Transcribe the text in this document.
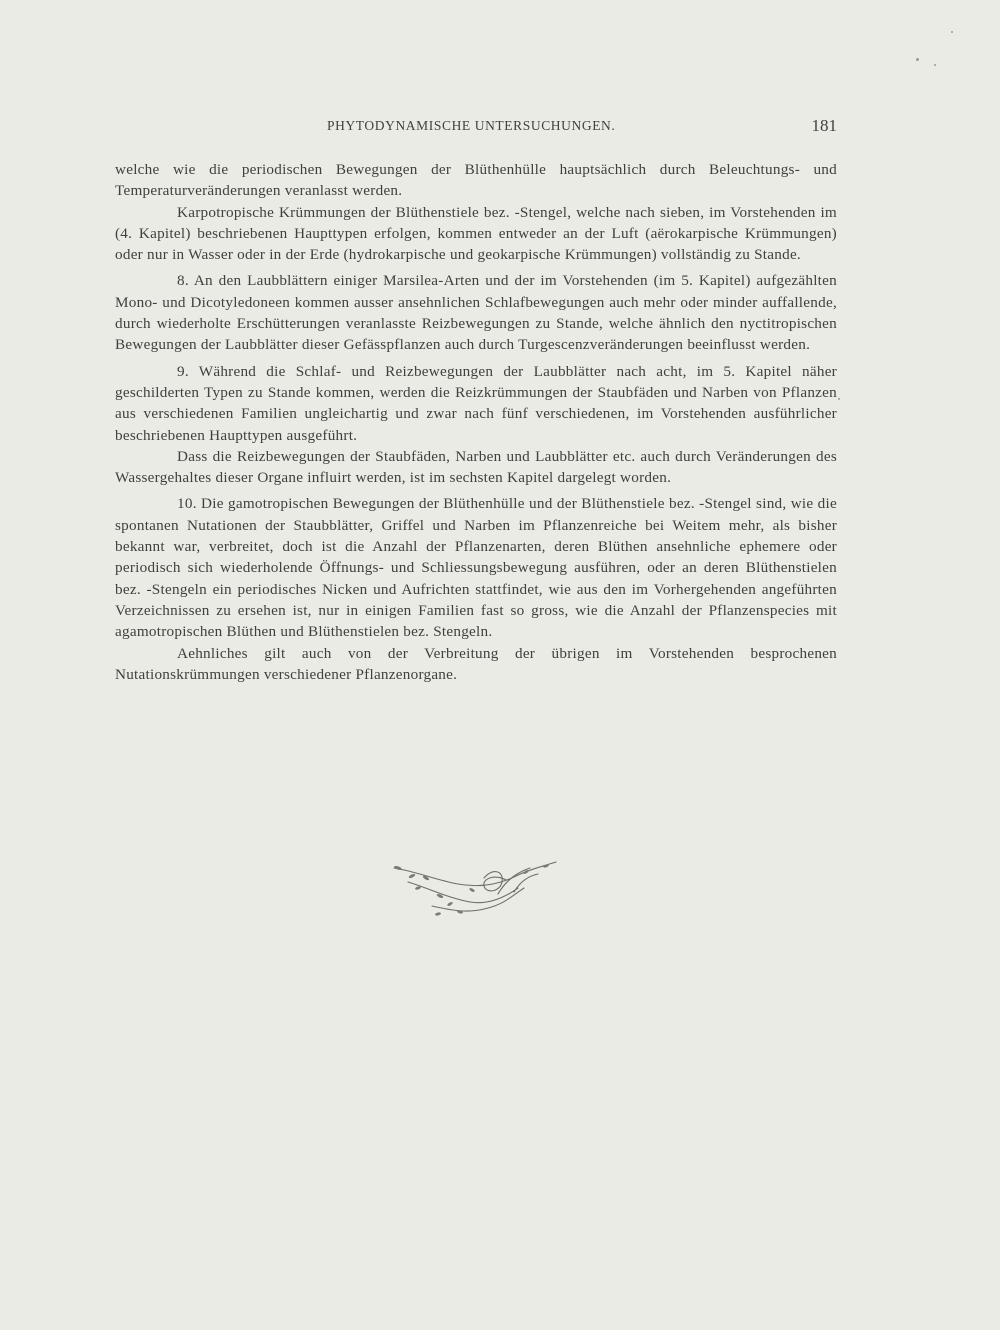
PHYTODYNAMISCHE UNTERSUCHUNGEN.	181

welche wie die periodischen Bewegungen der Blüthenhülle hauptsächlich durch Beleuchtungs- und Temperaturveränderungen veranlasst werden.

Karpotropische Krümmungen der Blüthenstiele bez. -Stengel, welche nach sieben, im Vorstehenden im (4. Kapitel) beschriebenen Haupttypen erfolgen, kommen entweder an der Luft (aërokarpische Krümmungen) oder nur in Wasser oder in der Erde (hydrokarpische und geokarpische Krümmungen) vollständig zu Stande.

8. An den Laubblättern einiger Marsilea-Arten und der im Vorstehenden (im 5. Kapitel) aufgezählten Mono- und Dicotyledoneen kommen ausser ansehnlichen Schlafbewegungen auch mehr oder minder auffallende, durch wiederholte Erschütterungen veranlasste Reizbewegungen zu Stande, welche ähnlich den nyctitropischen Bewegungen der Laubblätter dieser Gefässpflanzen auch durch Turgescenzveränderungen beeinflusst werden.

9. Während die Schlaf- und Reizbewegungen der Laubblätter nach acht, im 5. Kapitel näher geschilderten Typen zu Stande kommen, werden die Reizkrümmungen der Staubfäden und Narben von Pflanzen aus verschiedenen Familien ungleichartig und zwar nach fünf verschiedenen, im Vorstehenden ausführlicher beschriebenen Haupttypen ausgeführt.

Dass die Reizbewegungen der Staubfäden, Narben und Laubblätter etc. auch durch Veränderungen des Wassergehaltes dieser Organe influirt werden, ist im sechsten Kapitel dargelegt worden.

10. Die gamotropischen Bewegungen der Blüthenhülle und der Blüthenstiele bez. -Stengel sind, wie die spontanen Nutationen der Staubblätter, Griffel und Narben im Pflanzenreiche bei Weitem mehr, als bisher bekannt war, verbreitet, doch ist die Anzahl der Pflanzenarten, deren Blüthen ansehnliche ephemere oder periodisch sich wiederholende Öffnungs- und Schliessungsbewegung ausführen, oder an deren Blüthenstielen bez. -Stengeln ein periodisches Nicken und Aufrichten stattfindet, wie aus den im Vorhergehenden angeführten Verzeichnissen zu ersehen ist, nur in einigen Familien fast so gross, wie die Anzahl der Pflanzenspecies mit agamotropischen Blüthen und Blüthenstielen bez. Stengeln.

Aehnliches gilt auch von der Verbreitung der übrigen im Vorstehenden besprochenen Nutationskrümmungen verschiedener Pflanzenorgane.
